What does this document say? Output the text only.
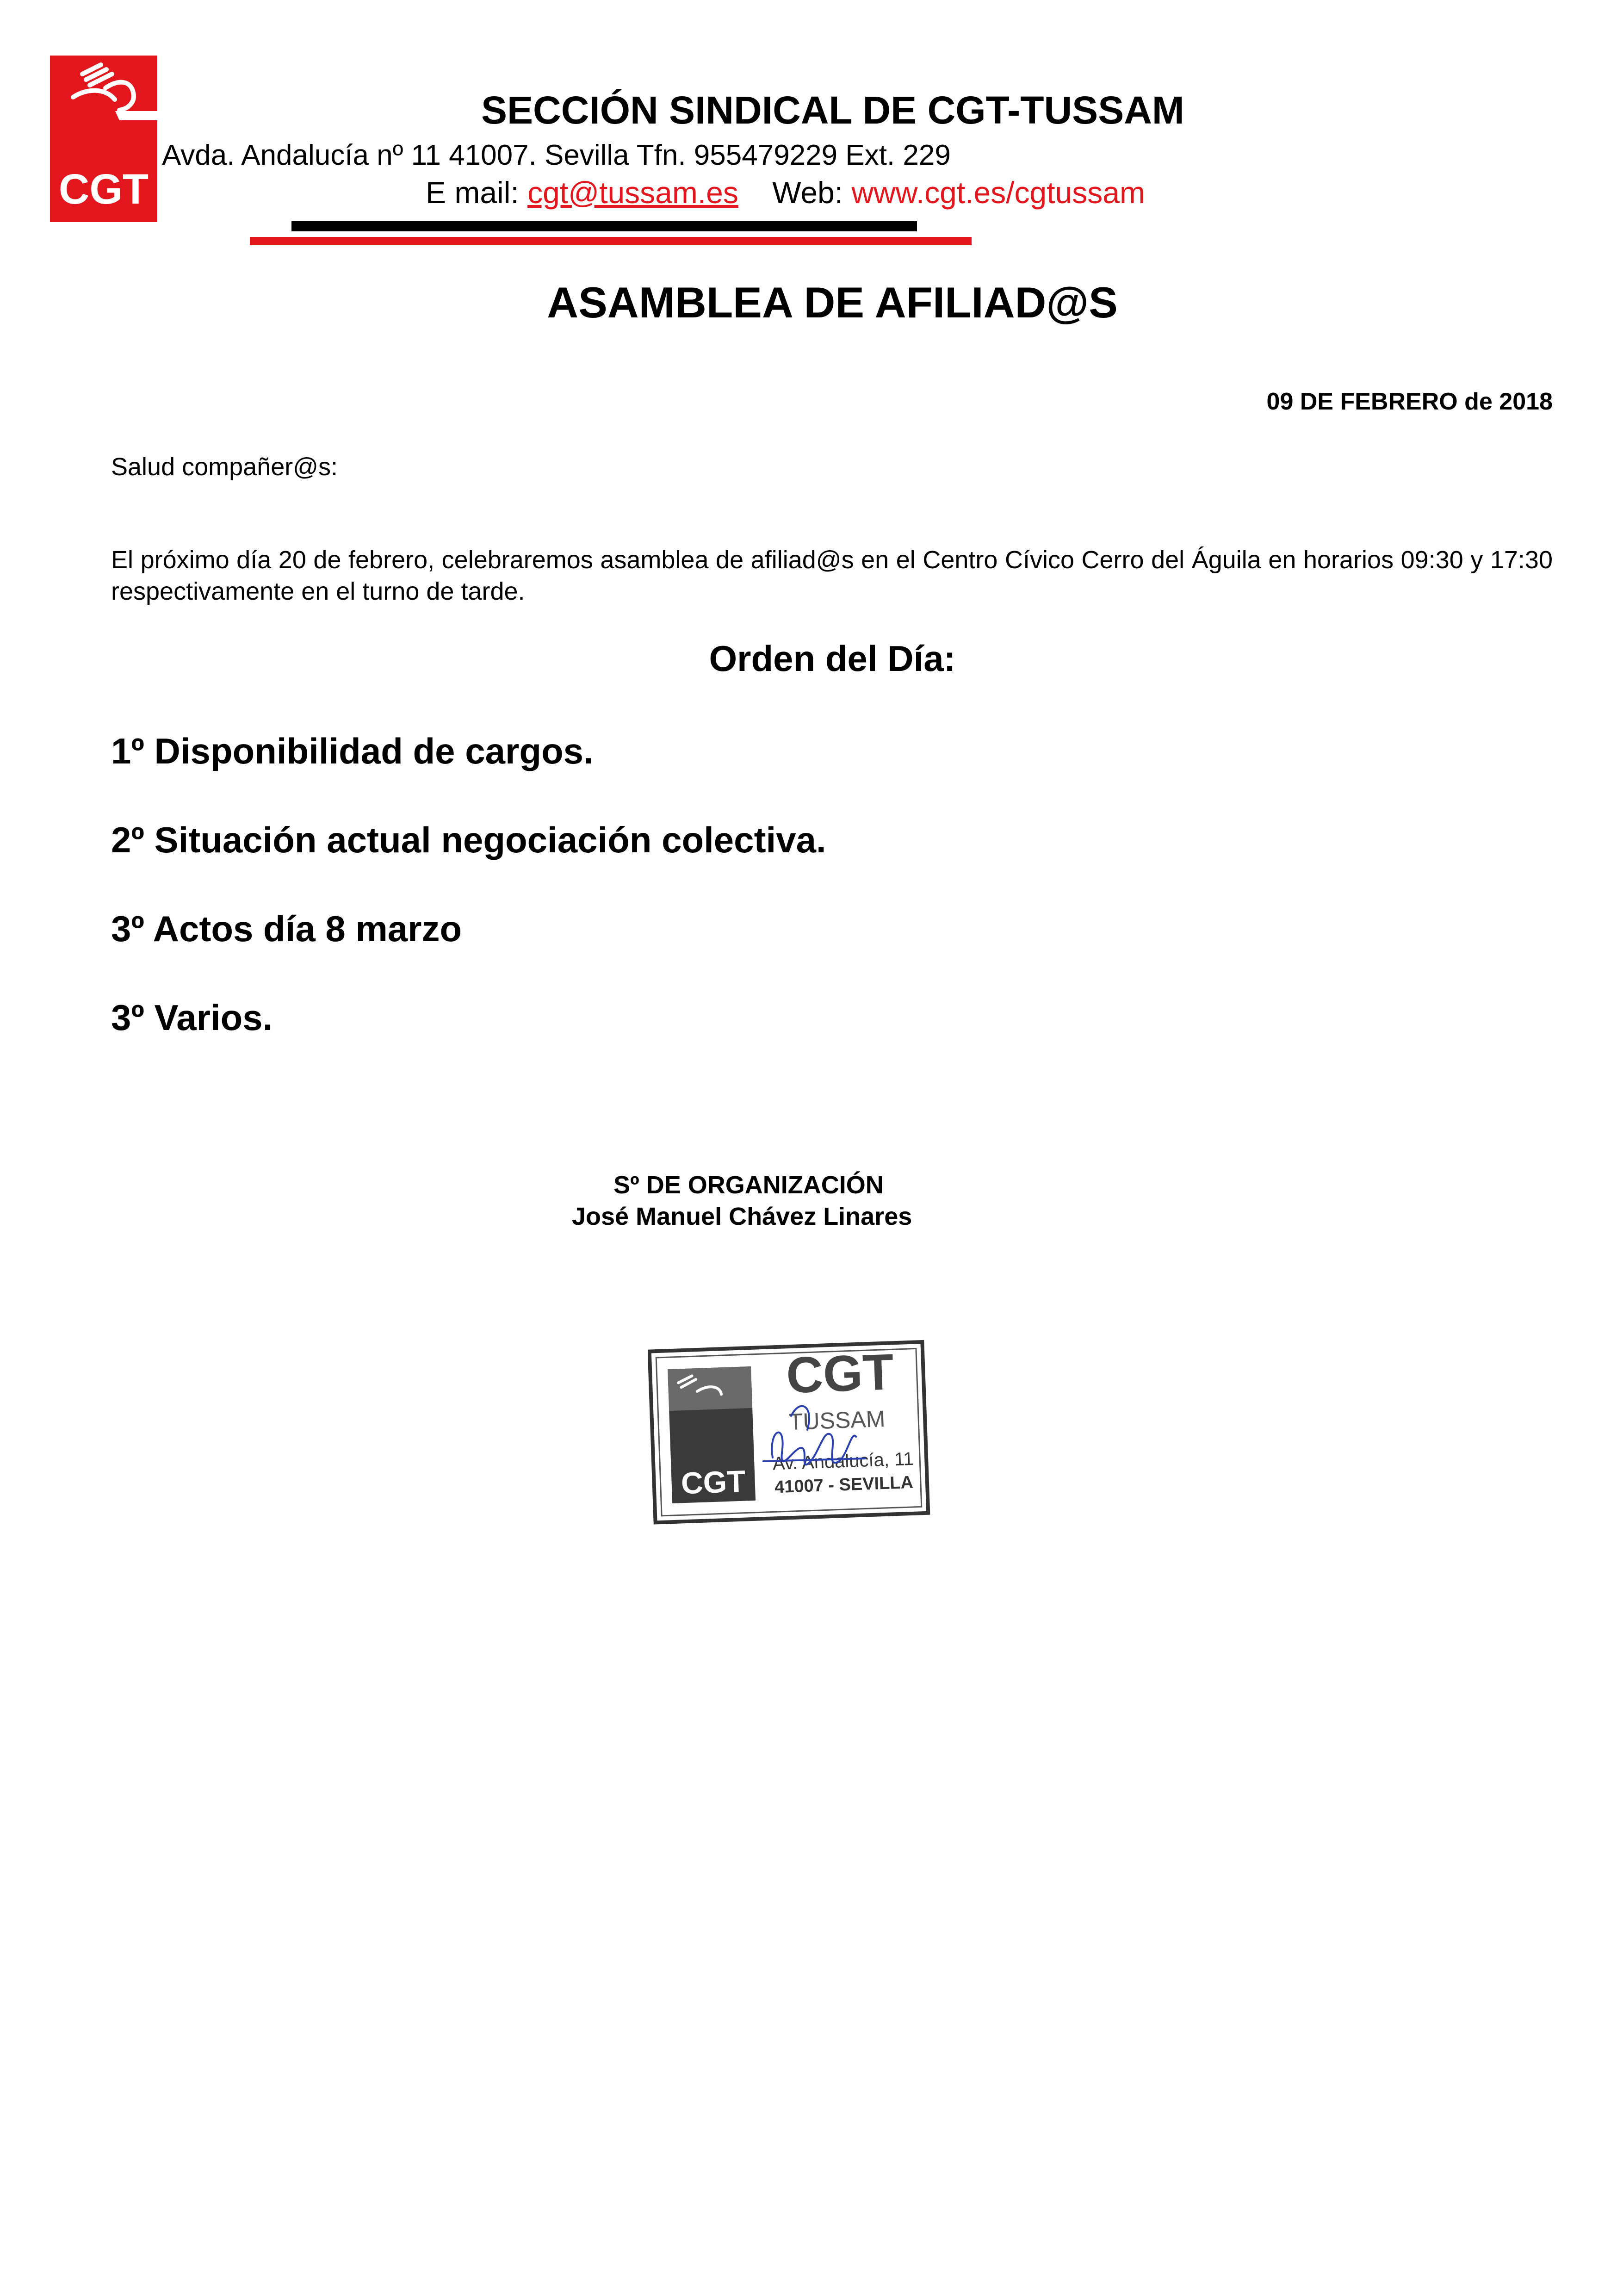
CGT
SECCIÓN SINDICAL DE CGT-TUSSAM
Avda. Andalucía nº 11 41007. Sevilla Tfn. 955479229 Ext. 229
E mail: cgt@tussam.es Web: www.cgt.es/cgtussam
ASAMBLEA DE AFILIAD@S
09 DE FEBRERO de 2018
Salud compañer@s:
El próximo día 20 de febrero, celebraremos asamblea de afiliad@s en el Centro Cívico Cerro del Águila en horarios 09:30 y 17:30 respectivamente en el turno de tarde.
Orden del Día:
1º Disponibilidad de cargos.
2º Situación actual negociación colectiva.
3º Actos día 8 marzo
3º Varios.
Sº DE ORGANIZACIÓN
José Manuel Chávez Linares
CGT
CGT
TUSSAM
Av. Andalucía, 11
41007 - SEVILLA
